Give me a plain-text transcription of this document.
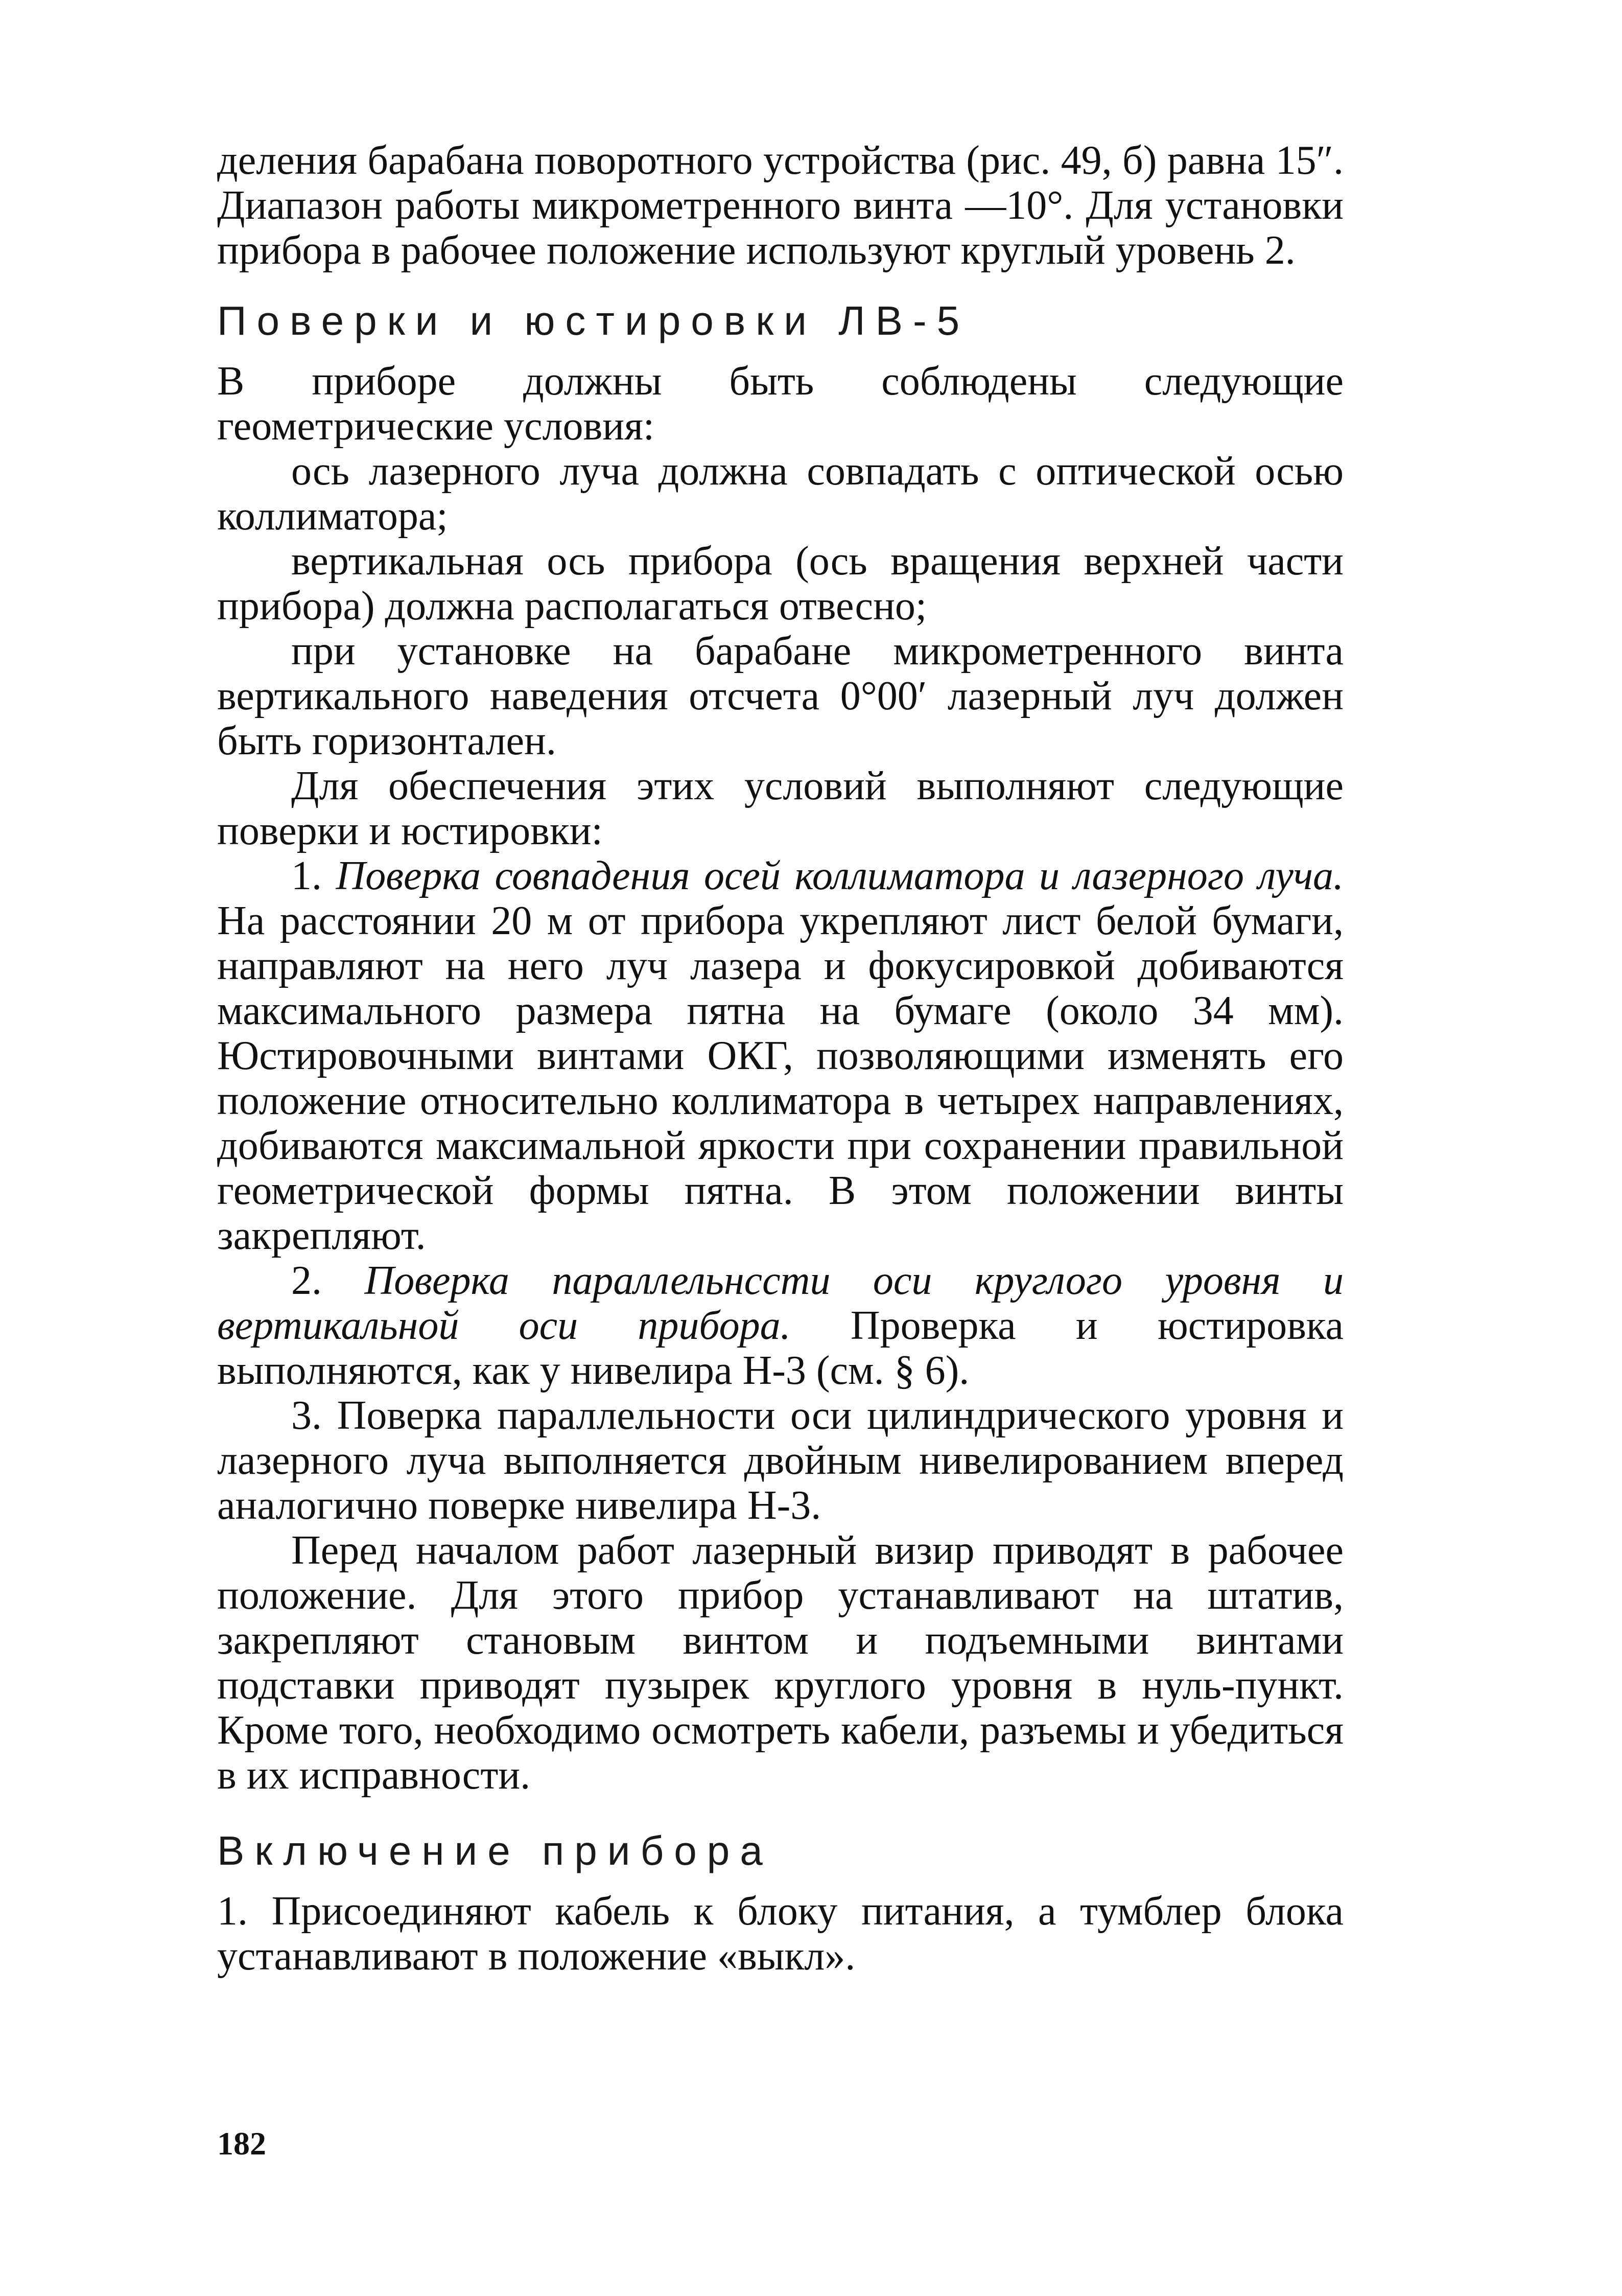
деления барабана поворотного устройства (рис. 49, б) равна 15″. Диапазон работы микрометренного винта —10°. Для установки прибора в рабочее положение используют круглый уровень 2.

Поверки и юстировки ЛВ-5

В приборе должны быть соблюдены следующие геометрические условия:

ось лазерного луча должна совпадать с оптической осью коллиматора;

вертикальная ось прибора (ось вращения верхней части прибора) должна располагаться отвесно;

при установке на барабане микрометренного винта вертикального наведения отсчета 0°00′ лазерный луч должен быть горизонтален.

Для обеспечения этих условий выполняют следующие поверки и юстировки:

1. Поверка совпадения осей коллиматора и лазерного луча. На расстоянии 20 м от прибора укрепляют лист белой бумаги, направляют на него луч лазера и фокусировкой добиваются максимального размера пятна на бумаге (около 34 мм). Юстировочными винтами ОКГ, позволяющими изменять его положение относительно коллиматора в четырех направлениях, добиваются максимальной яркости при сохранении правильной геометрической формы пятна. В этом положении винты закрепляют.

2. Поверка параллельнсcти оси круглого уровня и вертикальной оси прибора. Проверка и юстировка выполняются, как у нивелира Н-3 (см. § 6).

3. Поверка параллельности оси цилиндрического уровня и лазерного луча выполняется двойным нивелированием вперед аналогично поверке нивелира Н-3.

Перед началом работ лазерный визир приводят в рабочее положение. Для этого прибор устанавливают на штатив, закрепляют становым винтом и подъемными винтами подставки приводят пузырек круглого уровня в нуль-пункт. Кроме того, необходимо осмотреть кабели, разъемы и убедиться в их исправности.

Включение прибора

1. Присоединяют кабель к блоку питания, а тумблер блока устанавливают в положение «выкл».

182
